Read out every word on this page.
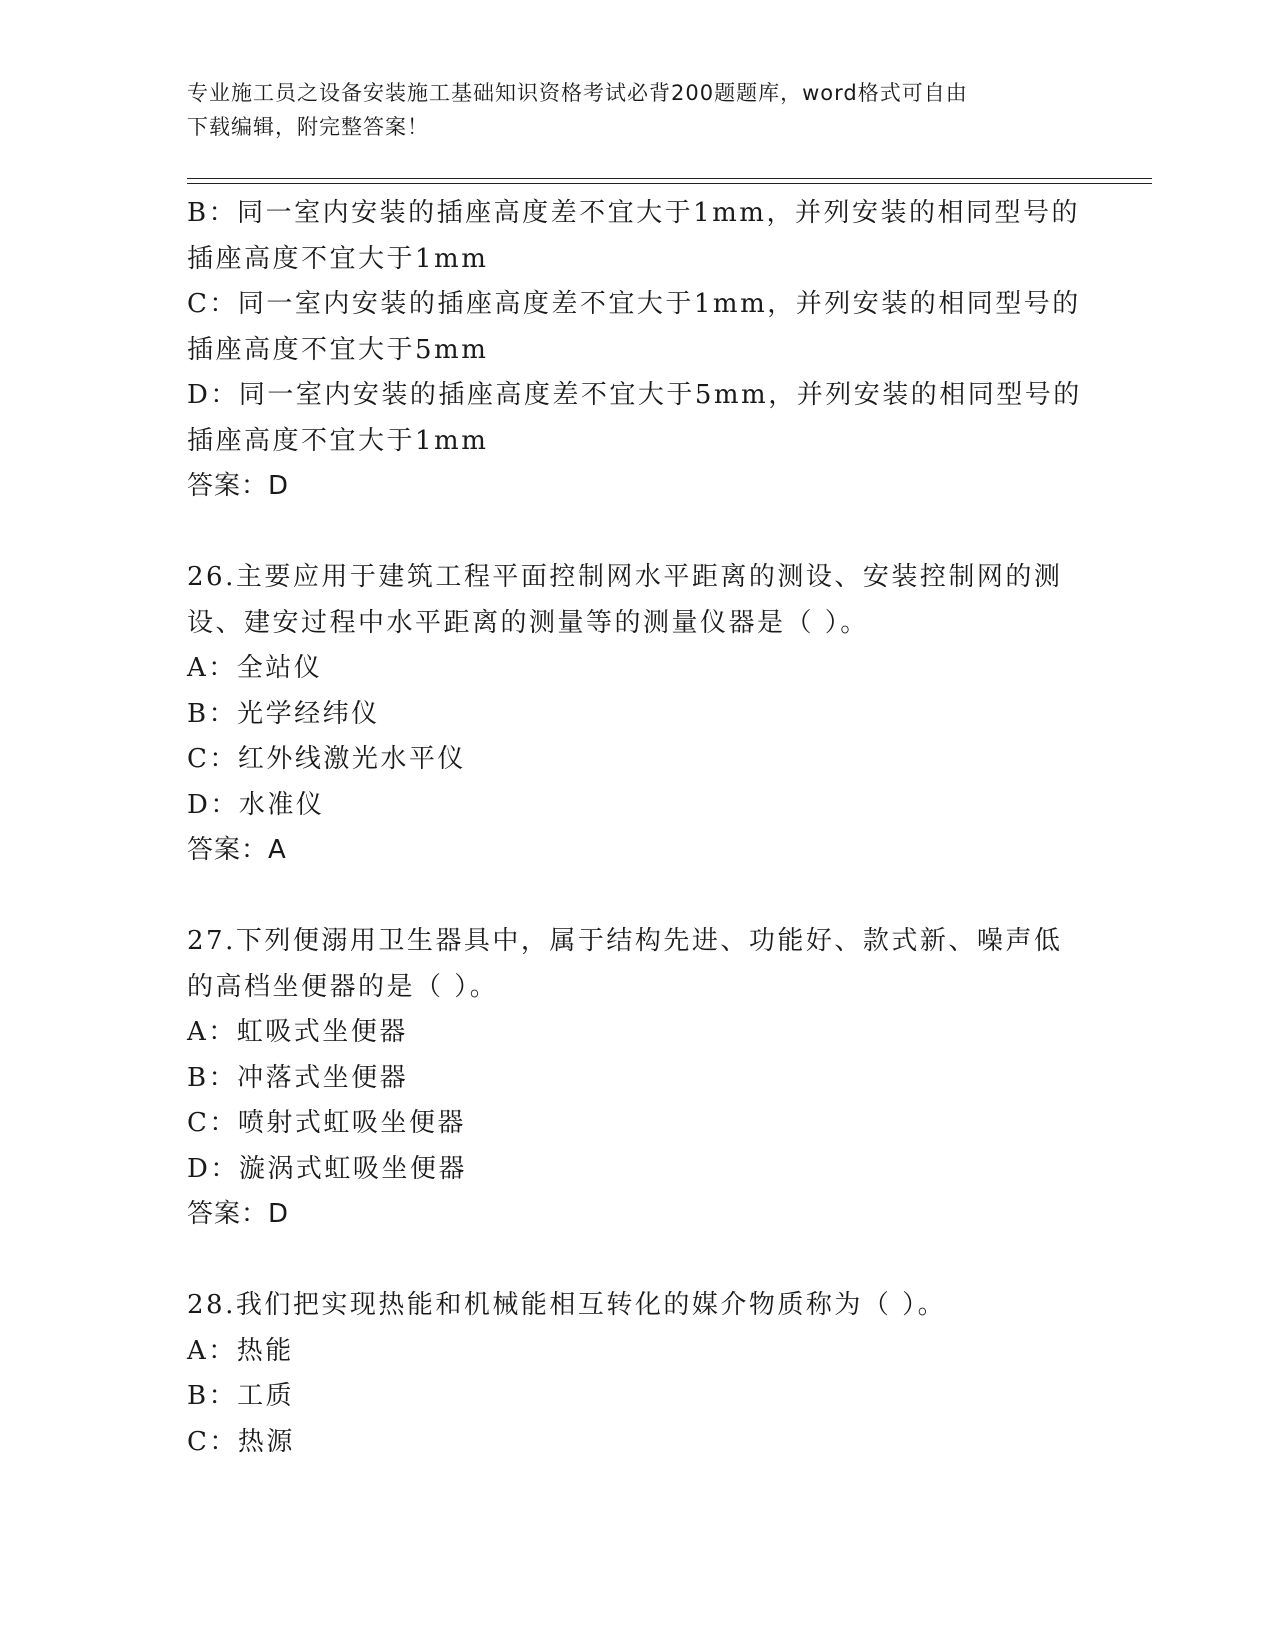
专业施工员之设备安装施工基础知识资格考试必背200题题库，word格式可自由
下载编辑，附完整答案！
B：同一室内安装的插座高度差不宜大于1mm，并列安装的相同型号的
插座高度不宜大于1mm
C：同一室内安装的插座高度差不宜大于1mm，并列安装的相同型号的
插座高度不宜大于5mm
D：同一室内安装的插座高度差不宜大于5mm，并列安装的相同型号的
插座高度不宜大于1mm
答案：D
26.主要应用于建筑工程平面控制网水平距离的测设、安装控制网的测
设、建安过程中水平距离的测量等的测量仪器是（ ）。
A：全站仪
B：光学经纬仪
C：红外线激光水平仪
D：水准仪
答案：A
27.下列便溺用卫生器具中，属于结构先进、功能好、款式新、噪声低
的高档坐便器的是（ ）。
A：虹吸式坐便器
B：冲落式坐便器
C：喷射式虹吸坐便器
D：漩涡式虹吸坐便器
答案：D
28.我们把实现热能和机械能相互转化的媒介物质称为（ ）。
A：热能
B：工质
C：热源
